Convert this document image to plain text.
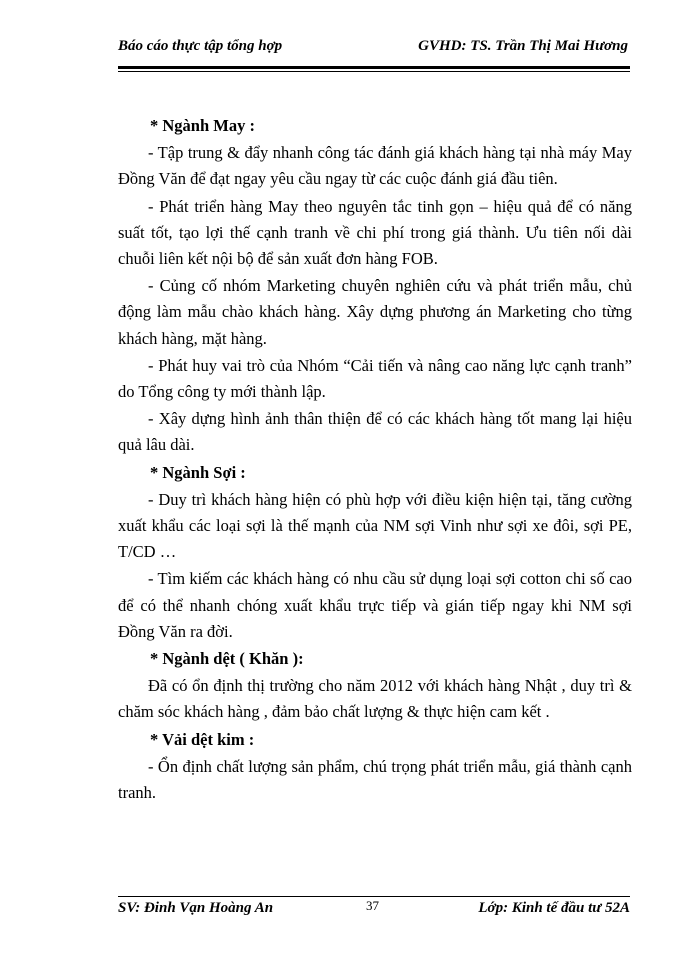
Báo cáo thực tập tổng hợp	GVHD: TS. Trần Thị Mai Hương

* Ngành May :

- Tập trung & đẩy nhanh công tác đánh giá khách hàng tại nhà máy May Đồng Văn để đạt ngay yêu cầu ngay từ các cuộc đánh giá đầu tiên.

- Phát triển hàng May theo nguyên tắc tinh gọn – hiệu quả để có năng suất tốt, tạo lợi thế cạnh tranh về chi phí trong giá thành. Ưu tiên nối dài chuỗi liên kết nội bộ để sản xuất đơn hàng FOB.

- Củng cố nhóm Marketing chuyên nghiên cứu và phát triển mẫu, chủ động làm mẫu chào khách hàng. Xây dựng phương án Marketing cho từng khách hàng, mặt hàng.

- Phát huy vai trò của Nhóm “Cải tiến và nâng cao năng lực cạnh tranh” do Tổng công ty mới thành lập.

- Xây dựng hình ảnh thân thiện để có các khách hàng tốt mang lại hiệu quả lâu dài.

* Ngành Sợi :

- Duy trì khách hàng hiện có phù hợp với điều kiện hiện tại, tăng cường xuất khẩu các loại sợi là thế mạnh của NM sợi Vinh như sợi xe đôi, sợi PE, T/CD …

- Tìm kiếm các khách hàng có nhu cầu sử dụng loại sợi cotton chi số cao để có thể nhanh chóng xuất khẩu trực tiếp và gián tiếp ngay khi NM sợi Đồng Văn ra đời.

* Ngành dệt ( Khăn ):

Đã có ổn định thị trường cho năm 2012 với khách hàng Nhật , duy trì & chăm sóc khách hàng , đảm bảo chất lượng & thực hiện cam kết .

* Vải dệt kim :

- Ổn định chất lượng sản phẩm, chú trọng phát triển mẫu, giá thành cạnh tranh.

SV: Đinh Vạn Hoàng An	37	Lớp: Kinh tế đầu tư 52A
